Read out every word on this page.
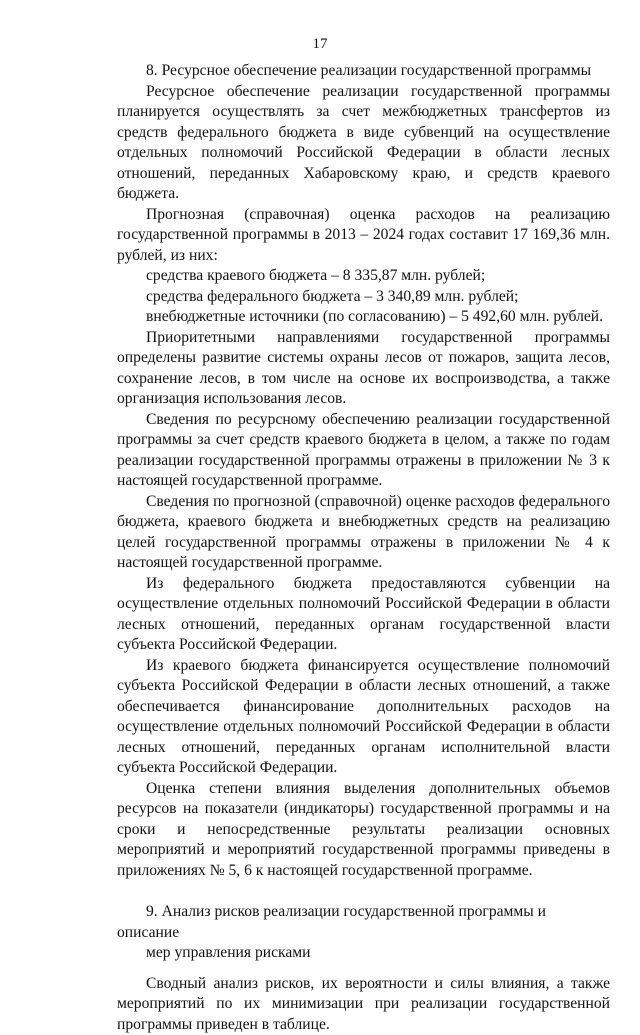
17
8. Ресурсное обеспечение реализации государственной программы

Ресурсное обеспечение реализации государственной программы планируется осуществлять за счет межбюджетных трансфертов из средств федерального бюджета в виде субвенций на осуществление отдельных полномочий Российской Федерации в области лесных отношений, переданных Хабаровскому краю, и средств краевого бюджета.

Прогнозная (справочная) оценка расходов на реализацию государственной программы в 2013 – 2024 годах составит 17 169,36 млн. рублей, из них:

средства краевого бюджета – 8 335,87 млн. рублей;
средства федерального бюджета – 3 340,89 млн. рублей;
внебюджетные источники (по согласованию) – 5 492,60 млн. рублей.

Приоритетными направлениями государственной программы определены развитие системы охраны лесов от пожаров, защита лесов, сохранение лесов, в том числе на основе их воспроизводства, а также организация использования лесов.

Сведения по ресурсному обеспечению реализации государственной программы за счет средств краевого бюджета в целом, а также по годам реализации государственной программы отражены в приложении № 3 к настоящей государственной программе.

Сведения по прогнозной (справочной) оценке расходов федерального бюджета, краевого бюджета и внебюджетных средств на реализацию целей государственной программы отражены в приложении № 4 к настоящей государственной программе.

Из федерального бюджета предоставляются субвенции на осуществление отдельных полномочий Российской Федерации в области лесных отношений, переданных органам государственной власти субъекта Российской Федерации.

Из краевого бюджета финансируется осуществление полномочий субъекта Российской Федерации в области лесных отношений, а также обеспечивается финансирование дополнительных расходов на осуществление отдельных полномочий Российской Федерации в области лесных отношений, переданных органам исполнительной власти субъекта Российской Федерации.

Оценка степени влияния выделения дополнительных объемов ресурсов на показатели (индикаторы) государственной программы и на сроки и непосредственные результаты реализации основных мероприятий и мероприятий государственной программы приведены в приложениях № 5, 6 к настоящей государственной программе.

9. Анализ рисков реализации государственной программы и описание
мер управления рисками

Сводный анализ рисков, их вероятности и силы влияния, а также мероприятий по их минимизации при реализации государственной программы приведен в таблице.
